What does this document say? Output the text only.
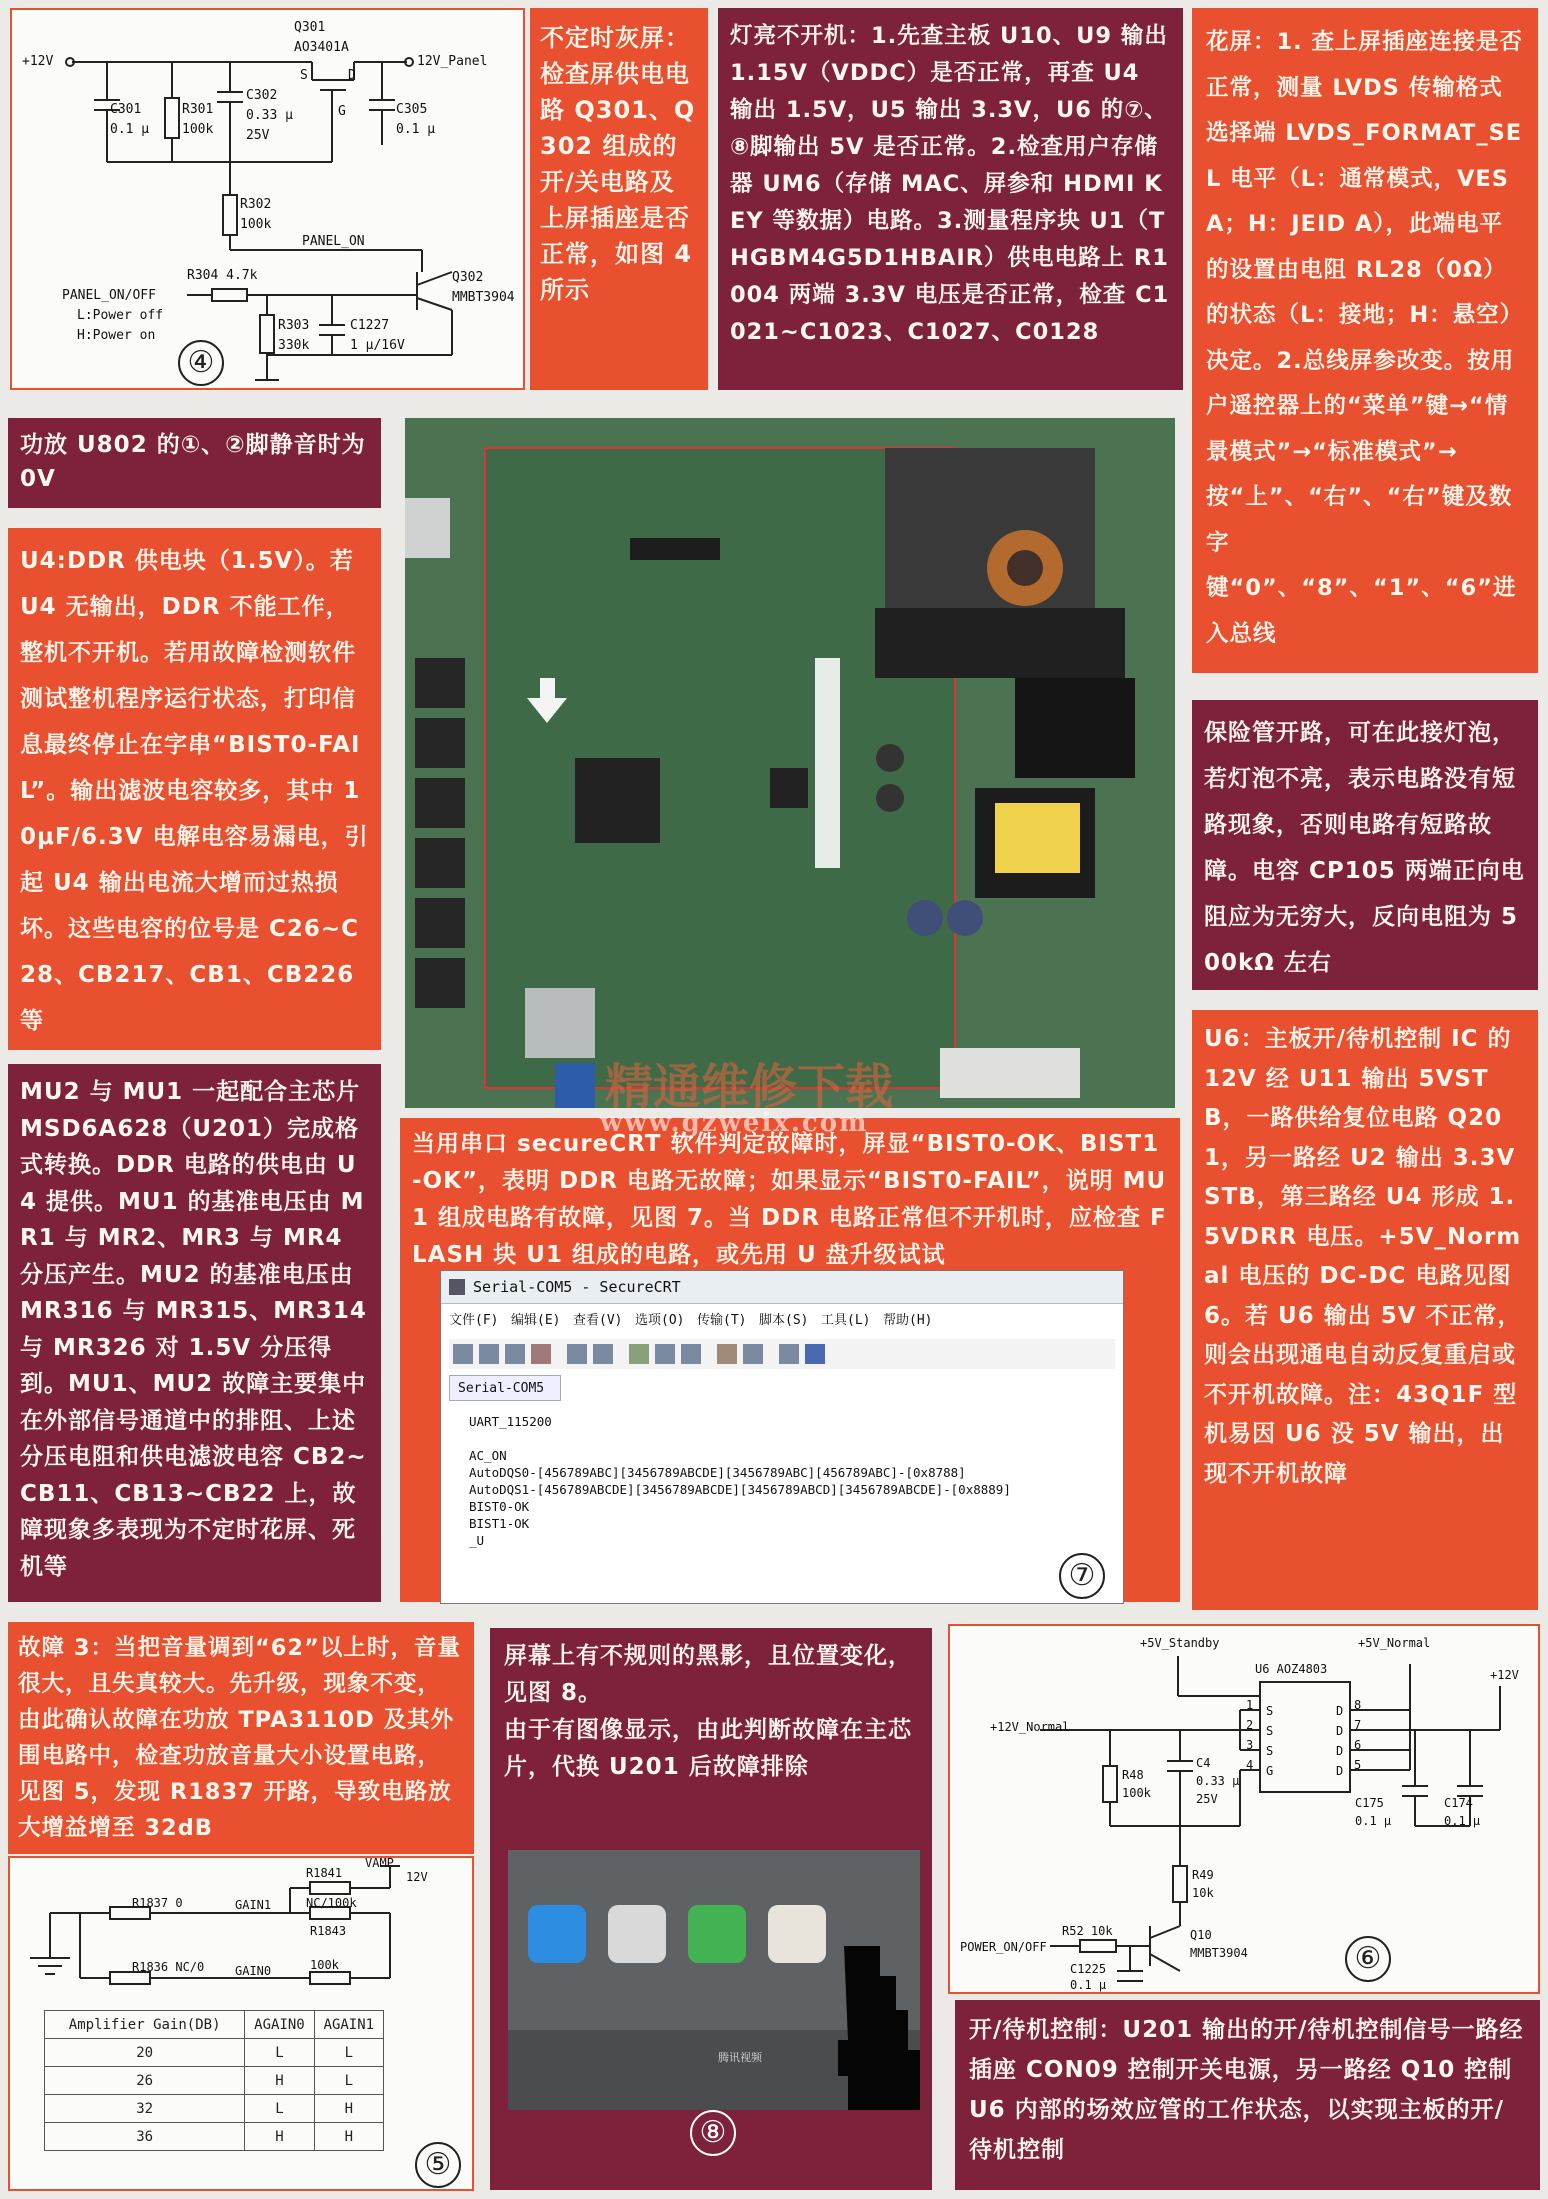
Q301
AO3401A
+12V	12V_Panel
C301
0.1 μ
R301
100k
C302
0.33 μ
25V
C305
0.1 μ
S	D
G
R302
100k
PANEL_ON
R304 4.7k
PANEL_ON/OFF
L:Power off
H:Power on
R303
330k
C1227
1 μ/16V
Q302
MMBT3904
④
不定时灰屏：检查屏供电电路 Q301、Q302 组成的开/关电路及上屏插座是否正常，如图 4 所示
灯亮不开机：1.先查主板 U10、U9 输出 1.15V（VDDC）是否正常，再查 U4 输出 1.5V，U5 输出 3.3V，U6 的⑦、⑧脚输出 5V 是否正常。2.检查用户存储器 UM6（存储 MAC、屏参和 HDMI KEY 等数据）电路。3.测量程序块 U1（THGBM4G5D1HBAIR）供电电路上 R1004 两端 3.3V 电压是否正常，检查 C1021~C1023、C1027、C0128
花屏：1. 查上屏插座连接是否正常，测量 LVDS 传输格式选择端 LVDS_FORMAT_SEL 电平（L：通常模式，VESA；H：JEID A），此端电平的设置由电阻 RL28（0Ω）的状态（L：接地；H：悬空）决定。2.总线屏参改变。按用户遥控器上的“菜单”键→“情景模式”→“标准模式”→按“上”、“右”、“右”键及数字键“0”、“8”、“1”、“6”进入总线
功放 U802 的①、②脚静音时为 0V
U4:DDR 供电块（1.5V）。若 U4 无输出，DDR 不能工作，整机不开机。若用故障检测软件测试整机程序运行状态，打印信息最终停止在字串“BIST0-FAIL”。输出滤波电容较多，其中 10μF/6.3V 电解电容易漏电，引起 U4 输出电流大增而过热损坏。这些电容的位号是 C26~C28、CB217、CB1、CB226 等
MU2 与 MU1 一起配合主芯片 MSD6A628（U201）完成格式转换。DDR 电路的供电由 U4 提供。MU1 的基准电压由 MR1 与 MR2、MR3 与 MR4 分压产生。MU2 的基准电压由 MR316 与 MR315、MR314 与 MR326 对 1.5V 分压得到。MU1、MU2 故障主要集中在外部信号通道中的排阻、上述分压电阻和供电滤波电容 CB2~CB11、CB13~CB22 上，故障现象多表现为不定时花屏、死机等
精通维修下载
保险管开路，可在此接灯泡，若灯泡不亮，表示电路没有短路现象，否则电路有短路故障。电容 CP105 两端正向电阻应为无穷大，反向电阻为 500kΩ 左右
U6：主板开/待机控制 IC 的 12V 经 U11 输出 5VSTB，一路供给复位电路 Q201，另一路经 U2 输出 3.3VSTB，第三路经 U4 形成 1.5VDRR 电压。+5V_Normal 电压的 DC-DC 电路见图 6。若 U6 输出 5V 不正常，则会出现通电自动反复重启或不开机故障。注：43Q1F 型机易因 U6 没 5V 输出，出现不开机故障
当用串口 secureCRT 软件判定故障时，屏显“BIST0-OK、BIST1-OK”，表明 DDR 电路无故障；如果显示“BIST0-FAIL”，说明 MU1 组成电路有故障，见图 7。当 DDR 电路正常但不开机时，应检查 FLASH 块 U1 组成的电路，或先用 U 盘升级试试
www.gzweix.com
Serial-COM5 - SecureCRT
文件(F) 编辑(E) 查看(V) 选项(O) 传输(T) 脚本(S) 工具(L) 帮助(H)
Serial-COM5
UART_115200

AC_ON
AutoDQS0-[456789ABC][3456789ABCDE][3456789ABC][456789ABC]-[0x8788]
AutoDQS1-[456789ABCDE][3456789ABCDE][3456789ABCD][3456789ABCDE]-[0x8889]
BIST0-OK
BIST1-OK
_U
⑦
故障 3：当把音量调到“62”以上时，音量很大，且失真较大。先升级，现象不变，由此确认故障在功放 TPA3110D 及其外围电路中，检查功放音量大小设置电路，见图 5，发现 R1837 开路，导致电路放大增益增至 32dB
VAMP
12V
R1841
NC/100k
R1837 0	GAIN1
R1843
100k
R1836 NC/0	GAIN0
Amplifier Gain(DB)	AGAIN0	AGAIN1
20	L	L
26	H	L
32	L	H
36	H	H
⑤
屏幕上有不规则的黑影，且位置变化，见图 8。
由于有图像显示，由此判断故障在主芯片，代换 U201 后故障排除
腾讯视频
⑧
+5V_Standby	+5V_Normal
U6 AOZ4803	+12V
+12V_Normal
S
S
S
G
D
D
D
D
1
2
3
4
8
7
6
5
R48
100k
C4
0.33 μ
25V	C175
0.1 μ
C174
0.1 μ
R49
10k
R52 10k	Q10
MMBT3904
POWER_ON/OFF
C1225
0.1 μ
⑥
开/待机控制：U201 输出的开/待机控制信号一路经插座 CON09 控制开关电源，另一路经 Q10 控制 U6 内部的场效应管的工作状态，以实现主板的开/待机控制
